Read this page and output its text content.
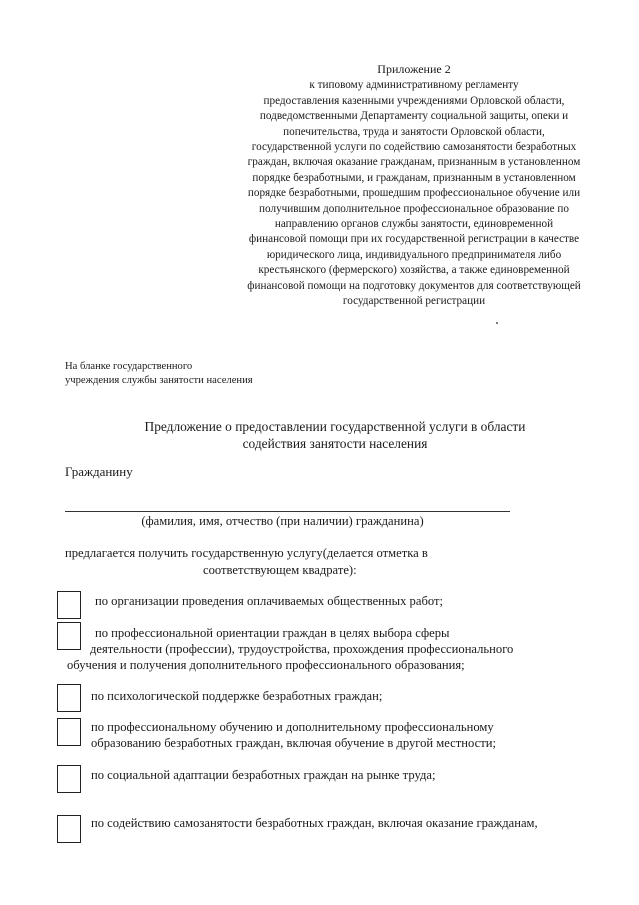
Приложение 2
к типовому административному регламенту
предоставления казенными учреждениями Орловской области,
подведомственными Департаменту социальной защиты, опеки и
попечительства, труда и занятости Орловской области,
государственной услуги по содействию самозанятости безработных
граждан, включая оказание гражданам, признанным в установленном
порядке безработными, и гражданам, признанным в установленном
порядке безработными, прошедшим профессиональное обучение или
получившим дополнительное профессиональное образование по
направлению органов службы занятости, единовременной
финансовой помощи при их государственной регистрации в качестве
юридического лица, индивидуального предпринимателя либо
крестьянского (фермерского) хозяйства, а также единовременной
финансовой помощи на подготовку документов для соответствующей
государственной регистрации
На бланке государственного
учреждения службы занятости населения
Предложение о предоставлении государственной услуги в области
содействия занятости населения
Гражданину
(фамилия, имя, отчество (при наличии) гражданина)
предлагается получить государственную услугу(делается отметка в
соответствующем квадрате):
по организации проведения оплачиваемых общественных работ;
по профессиональной ориентации граждан в целях выбора сферы
деятельности (профессии), трудоустройства, прохождения профессионального
обучения и получения дополнительного профессионального образования;
по психологической поддержке безработных граждан;
по профессиональному обучению и дополнительному профессиональному
образованию безработных граждан, включая обучение в другой местности;
по социальной адаптации безработных граждан на рынке труда;
по содействию самозанятости безработных граждан, включая оказание гражданам,
